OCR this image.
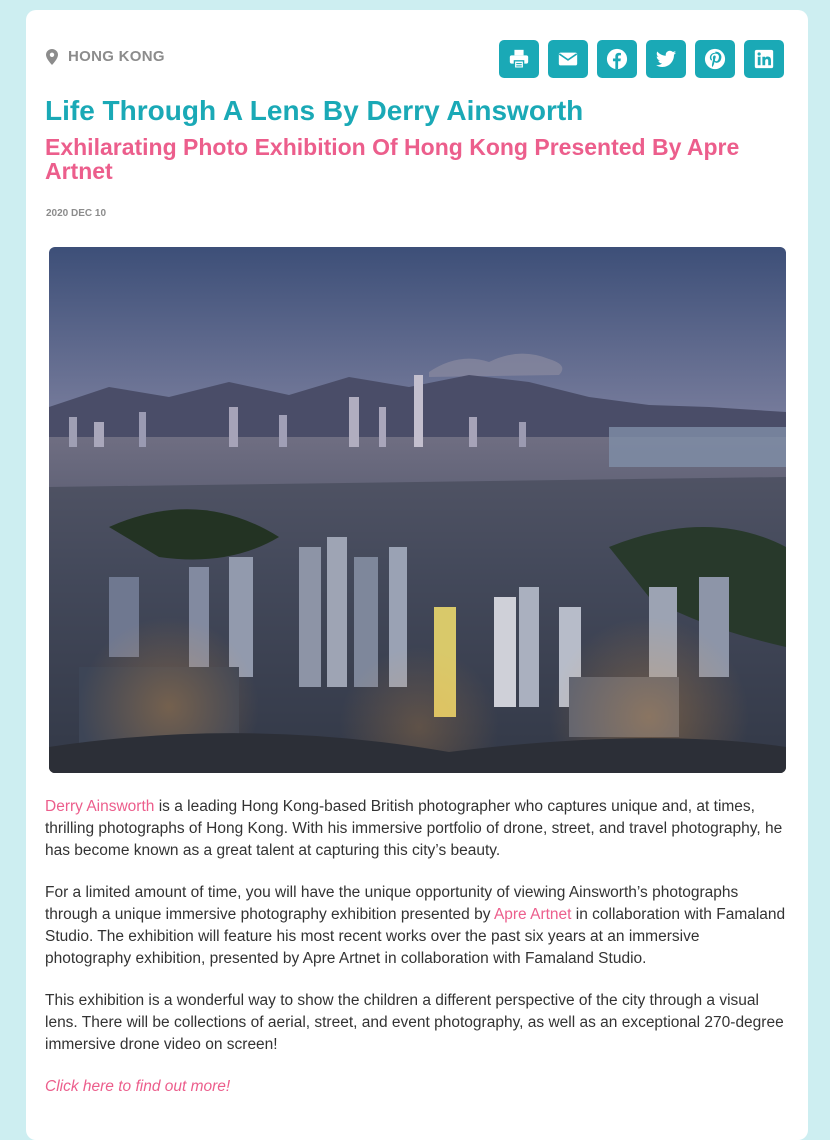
HONG KONG
Life Through A Lens By Derry Ainsworth
Exhilarating Photo Exhibition Of Hong Kong Presented By Apre Artnet
2020 DEC 10

Derry Ainsworth is a leading Hong Kong-based British photographer who captures unique and, at times, thrilling photographs of Hong Kong. With his immersive portfolio of drone, street, and travel photography, he has become known as a great talent at capturing this city’s beauty.

For a limited amount of time, you will have the unique opportunity of viewing Ainsworth’s photographs through a unique immersive photography exhibition presented by Apre Artnet in collaboration with Famaland Studio. The exhibition will feature his most recent works over the past six years at an immersive photography exhibition, presented by Apre Artnet in collaboration with Famaland Studio.

This exhibition is a wonderful way to show the children a different perspective of the city through a visual lens. There will be collections of aerial, street, and event photography, as well as an exceptional 270-degree immersive drone video on screen!

Click here to find out more!
